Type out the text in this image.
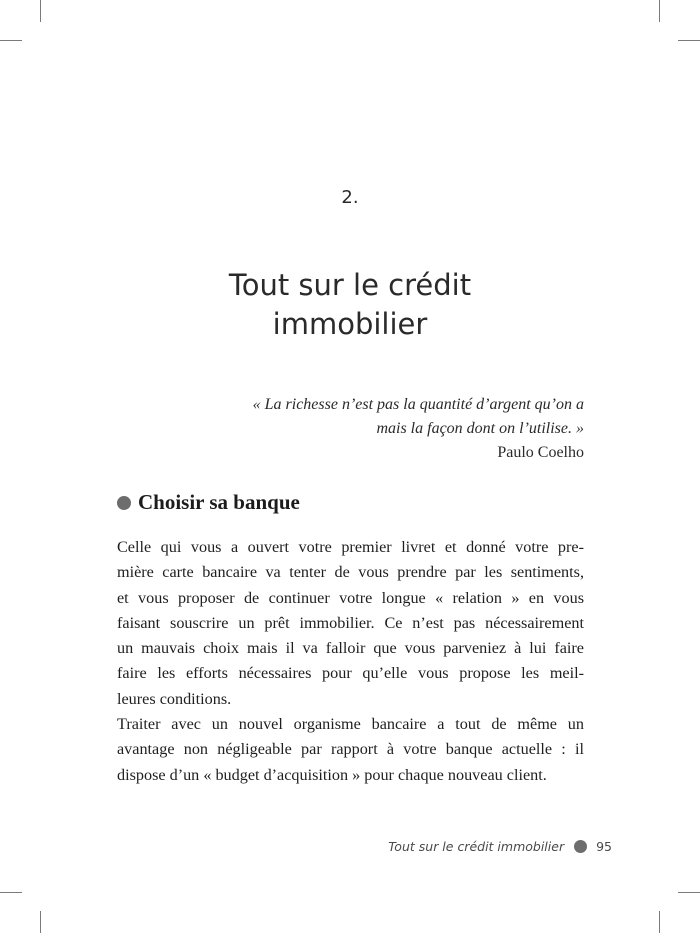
2.
Tout sur le crédit
immobilier
« La richesse n’est pas la quantité d’argent qu’on a
mais la façon dont on l’utilise. »
Paulo Coelho
Choisir sa banque
Celle qui vous a ouvert votre premier livret et donné votre pre-
mière carte bancaire va tenter de vous prendre par les sentiments,
et vous proposer de continuer votre longue « relation » en vous
faisant souscrire un prêt immobilier. Ce n’est pas nécessairement
un mauvais choix mais il va falloir que vous parveniez à lui faire
faire les efforts nécessaires pour qu’elle vous propose les meil-
leures conditions.
Traiter avec un nouvel organisme bancaire a tout de même un
avantage non négligeable par rapport à votre banque actuelle : il
dispose d’un « budget d’acquisition » pour chaque nouveau client.
Tout sur le crédit immobilier	95
